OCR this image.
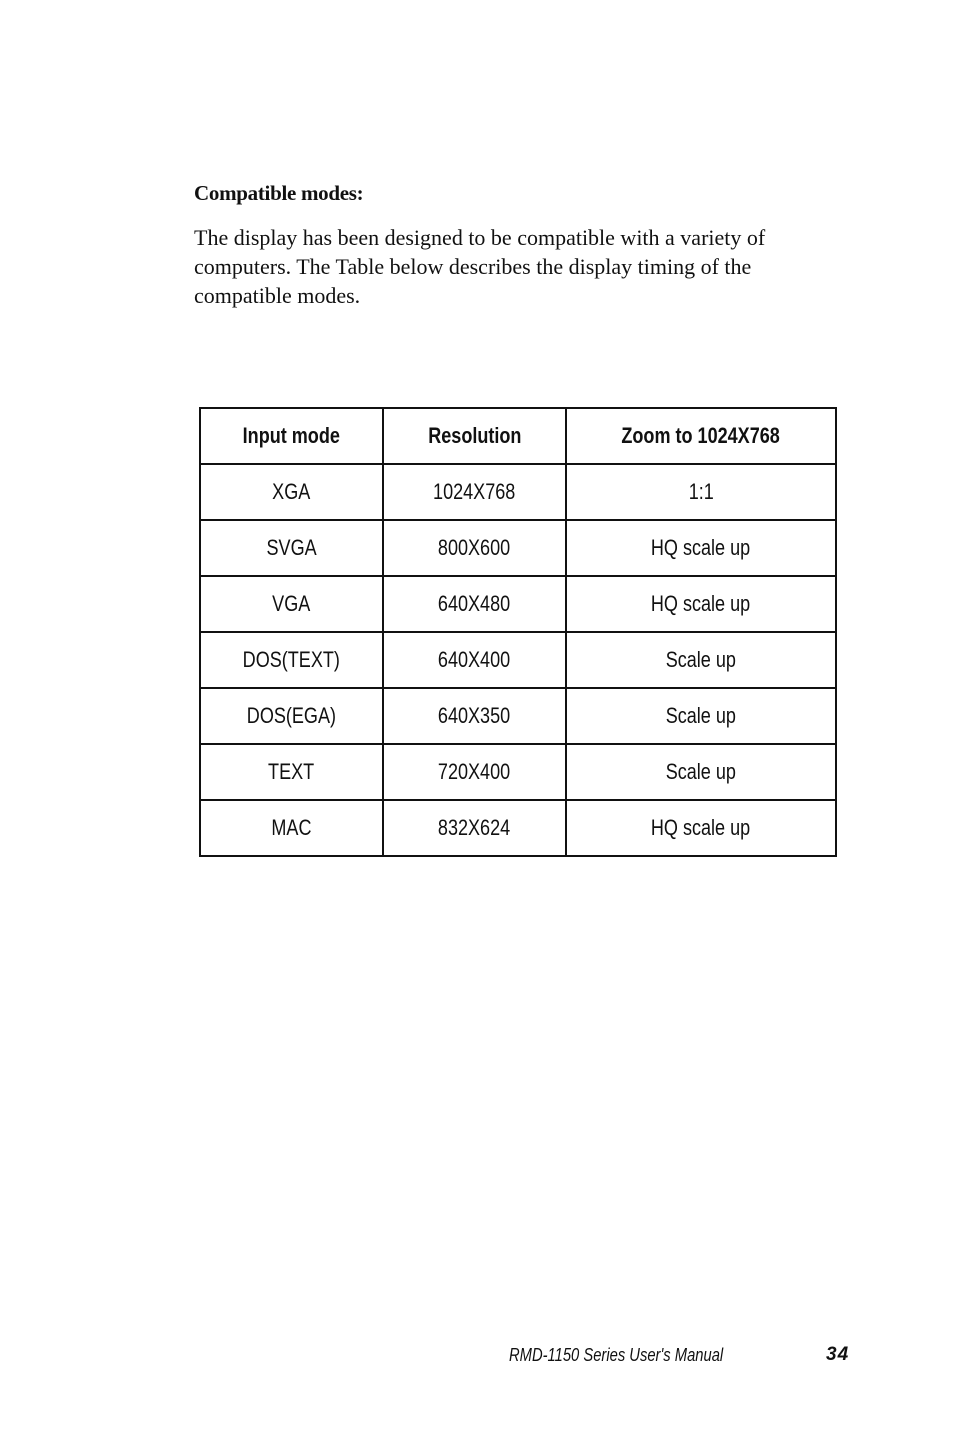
Compatible modes:
The display has been designed to be compatible with a variety of
computers. The Table below describes the display timing of the
compatible modes.
Input mode	Resolution	Zoom to 1024X768
XGA	1024X768	1:1
SVGA	800X600	HQ scale up
VGA	640X480	HQ scale up
DOS(TEXT)	640X400	Scale up
DOS(EGA)	640X350	Scale up
TEXT	720X400	Scale up
MAC	832X624	HQ scale up
RMD-1150 Series User's Manual	34
